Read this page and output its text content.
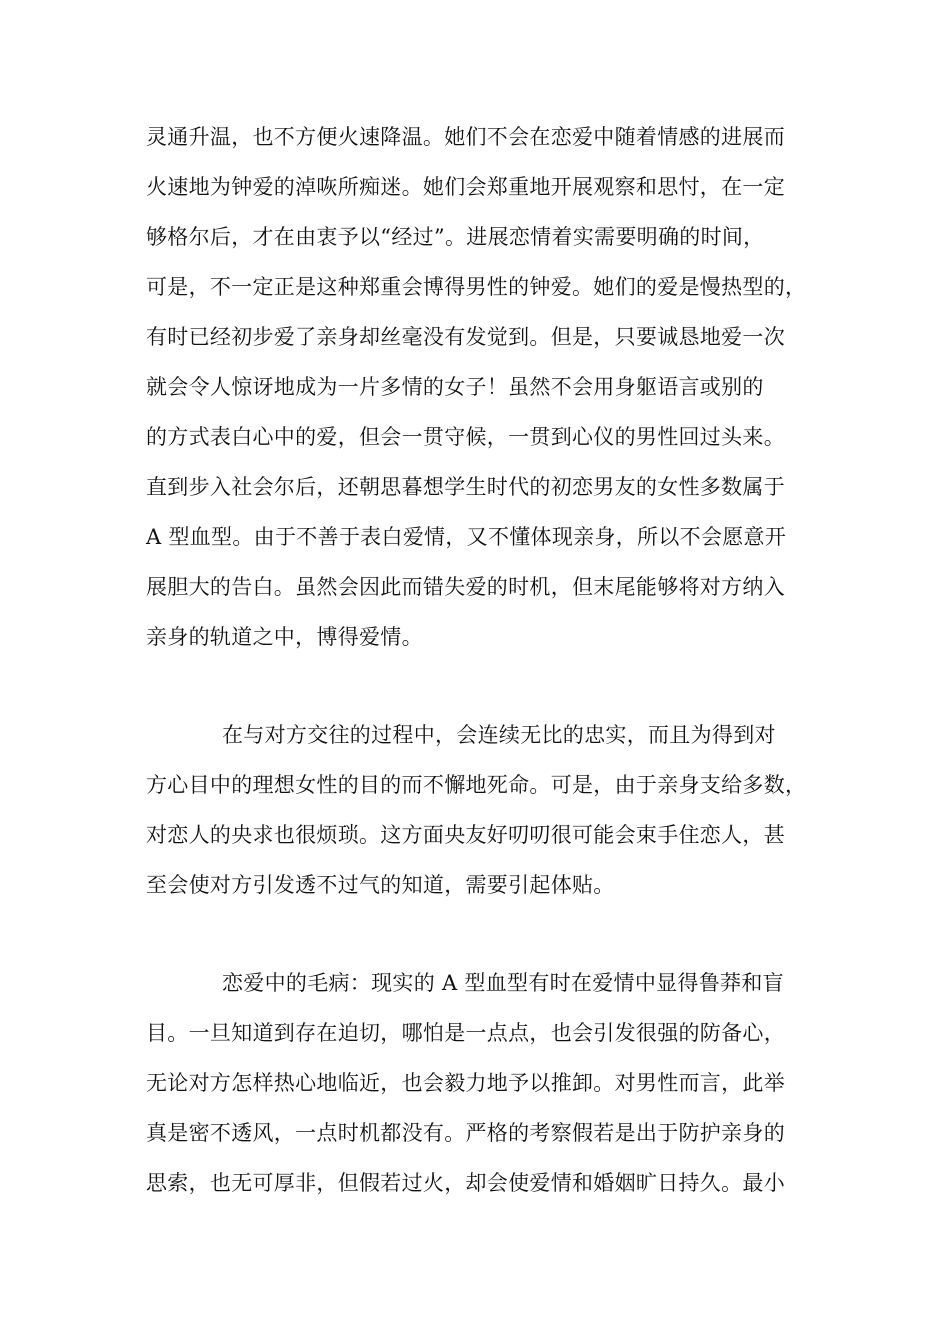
灵通升温，也不方便火速降温。她们不会在恋爱中随着情感的进展而
火速地为钟爱的淖咴所痴迷。她们会郑重地开展观察和思忖，在一定
够格尔后，才在由衷予以“经过”。进展恋情着实需要明确的时间，
可是，不一定正是这种郑重会博得男性的钟爱。她们的爱是慢热型的，
有时已经初步爱了亲身却丝毫没有发觉到。但是，只要诚恳地爱一次
就会令人惊讶地成为一片多情的女子！虽然不会用身躯语言或别的
的方式表白心中的爱，但会一贯守候，一贯到心仪的男性回过头来。
直到步入社会尔后，还朝思暮想学生时代的初恋男友的女性多数属于
A 型血型。由于不善于表白爱情，又不懂体现亲身，所以不会愿意开
展胆大的告白。虽然会因此而错失爱的时机，但末尾能够将对方纳入
亲身的轨道之中，博得爱情。
在与对方交往的过程中，会连续无比的忠实，而且为得到对
方心目中的理想女性的目的而不懈地死命。可是，由于亲身支给多数，
对恋人的央求也很烦琐。这方面央友好叨叨很可能会束手住恋人，甚
至会使对方引发透不过气的知道，需要引起体贴。
恋爱中的毛病：现实的 A 型血型有时在爱情中显得鲁莽和盲
目。一旦知道到存在迫切，哪怕是一点点，也会引发很强的防备心，
无论对方怎样热心地临近，也会毅力地予以推卸。对男性而言，此举
真是密不透风，一点时机都没有。严格的考察假若是出于防护亲身的
思索，也无可厚非，但假若过火，却会使爱情和婚姻旷日持久。最小
